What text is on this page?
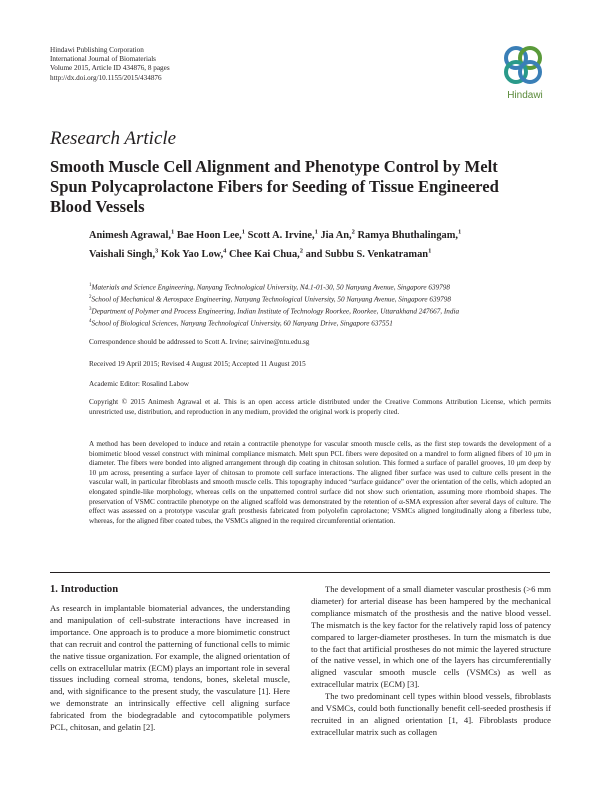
Hindawi Publishing Corporation
International Journal of Biomaterials
Volume 2015, Article ID 434876, 8 pages
http://dx.doi.org/10.1155/2015/434876
Hindawi
Research Article
Smooth Muscle Cell Alignment and Phenotype Control by Melt Spun Polycaprolactone Fibers for Seeding of Tissue Engineered Blood Vessels
Animesh Agrawal,$^1$ Bae Hoon Lee,$^1$ Scott A. Irvine,$^1$ Jia An,$^2$ Ramya Bhuthalingam,$^1$
Vaishali Singh,$^3$ Kok Yao Low,$^4$ Chee Kai Chua,$^2$ and Subbu S. Venkatraman$^1$
$^1$Materials and Science Engineering, Nanyang Technological University, N4.1-01-30, 50 Nanyang Avenue, Singapore 639798
$^2$School of Mechanical & Aerospace Engineering, Nanyang Technological University, 50 Nanyang Avenue, Singapore 639798
$^3$Department of Polymer and Process Engineering, Indian Institute of Technology Roorkee, Roorkee, Uttarakhand 247667, India
$^4$School of Biological Sciences, Nanyang Technological University, 60 Nanyang Drive, Singapore 637551
Correspondence should be addressed to Scott A. Irvine; sairvine@ntu.edu.sg
Received 19 April 2015; Revised 4 August 2015; Accepted 11 August 2015
Academic Editor: Rosalind Labow
Copyright © 2015 Animesh Agrawal et al. This is an open access article distributed under the Creative Commons Attribution License, which permits unrestricted use, distribution, and reproduction in any medium, provided the original work is properly cited.
A method has been developed to induce and retain a contractile phenotype for vascular smooth muscle cells, as the first step towards the development of a biomimetic blood vessel construct with minimal compliance mismatch. Melt spun PCL fibers were deposited on a mandrel to form aligned fibers of 10 μm in diameter. The fibers were bonded into aligned arrangement through dip coating in chitosan solution. This formed a surface of parallel grooves, 10 μm deep by 10 μm across, presenting a surface layer of chitosan to promote cell surface interactions. The aligned fiber surface was used to culture cells present in the vascular wall, in particular fibroblasts and smooth muscle cells. This topography induced “surface guidance” over the orientation of the cells, which adopted an elongated spindle-like morphology, whereas cells on the unpatterned control surface did not show such orientation, assuming more rhomboid shapes. The preservation of VSMC contractile phenotype on the aligned scaffold was demonstrated by the retention of α-SMA expression after several days of culture. The effect was assessed on a prototype vascular graft prosthesis fabricated from polyolefin caprolactone; VSMCs aligned longitudinally along a fiberless tube, whereas, for the aligned fiber coated tubes, the VSMCs aligned in the required circumferential orientation.
1. Introduction

As research in implantable biomaterial advances, the understanding and manipulation of cell-substrate interactions have increased in importance. One approach is to produce a more biomimetic construct that can recruit and control the patterning of functional cells to mimic the native tissue organization. For example, the aligned orientation of cells on extracellular matrix (ECM) plays an important role in several tissues including corneal stroma, tendons, bones, skeletal muscle, and, with significance to the present study, the vasculature [1]. Here we demonstrate an intrinsically effective cell aligning surface fabricated from the biodegradable and cytocompatible polymers PCL, chitosan, and gelatin [2].

The development of a small diameter vascular prosthesis (>6 mm diameter) for arterial disease has been hampered by the mechanical compliance mismatch of the prosthesis and the native blood vessel. The mismatch is the key factor for the relatively rapid loss of patency compared to larger-diameter prostheses. In turn the mismatch is due to the fact that artificial prostheses do not mimic the layered structure of the native vessel, in which one of the layers has circumferentially aligned vascular smooth muscle cells (VSMCs) as well as extracellular matrix (ECM) [3].

The two predominant cell types within blood vessels, fibroblasts and VSMCs, could both functionally benefit cell-seeded prosthesis if recruited in an aligned orientation [1, 4]. Fibroblasts produce extracellular matrix such as collagen
